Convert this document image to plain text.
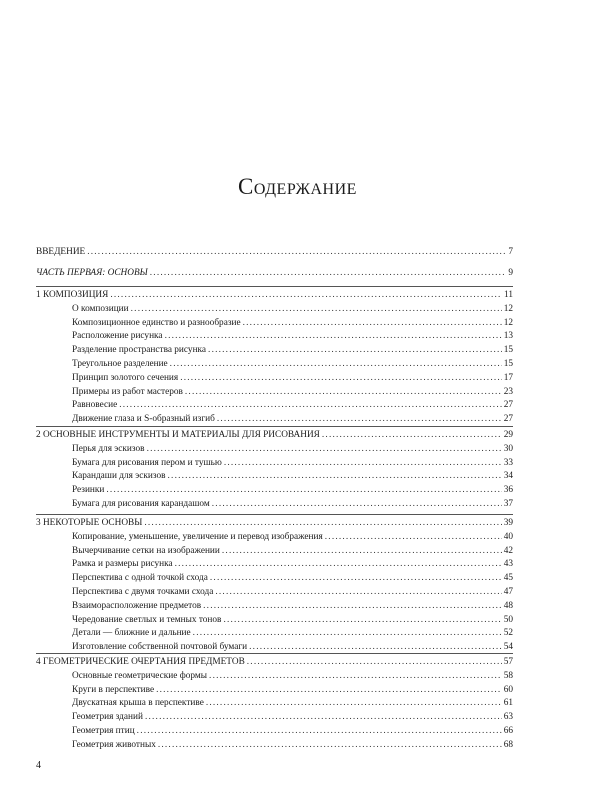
Содержание
ВВЕДЕНИЕ .....	7
ЧАСТЬ ПЕРВАЯ: ОСНОВЫ .....	9
1 КОМПОЗИЦИЯ .....	11
О композиции .....	12
Композиционное единство и разнообразие .....	12
Расположение рисунка .....	13
Разделение пространства рисунка .....	15
Треугольное разделение .....	15
Принцип золотого сечения .....	17
Примеры из работ мастеров .....	23
Равновесие .....	27
Движение глаза и S-образный изгиб .....	27
2 ОСНОВНЫЕ ИНСТРУМЕНТЫ И МАТЕРИАЛЫ ДЛЯ РИСОВАНИЯ .....	29
Перья для эскизов .....	30
Бумага для рисования пером и тушью .....	33
Карандаши для эскизов .....	34
Резинки .....	36
Бумага для рисования карандашом .....	37
3 НЕКОТОРЫЕ ОСНОВЫ .....	39
Копирование, уменьшение, увеличение и перевод изображения .....	40
Вычерчивание сетки на изображении .....	42
Рамка и размеры рисунка .....	43
Перспектива с одной точкой схода .....	45
Перспектива с двумя точками схода .....	47
Взаиморасположение предметов .....	48
Чередование светлых и темных тонов .....	50
Детали — ближние и дальние .....	52
Изготовление собственной почтовой бумаги .....	54
4 ГЕОМЕТРИЧЕСКИЕ ОЧЕРТАНИЯ ПРЕДМЕТОВ .....	57
Основные геометрические формы .....	58
Круги в перспективе .....	60
Двускатная крыша в перспективе .....	61
Геометрия зданий .....	63
Геометрия птиц .....	66
Геометрия животных .....	68
4
